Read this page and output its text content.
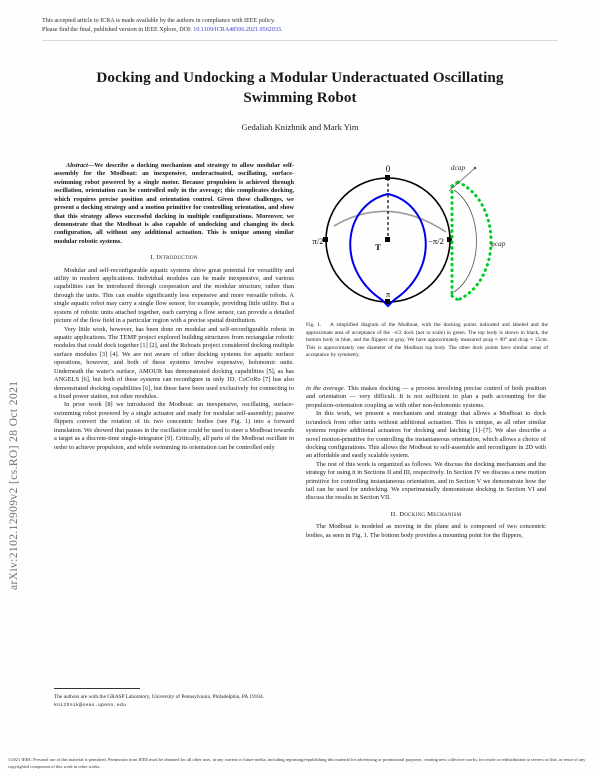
arXiv:2102.12909v2 [cs.RO] 28 Oct 2021
This accepted article to ICRA is made available by the authors in compliance with IEEE policy.
Please find the final, published version in IEEE Xplore, DOI: 10.1109/ICRA48506.2021.9562033.
Docking and Undocking a Modular Underactuated Oscillating Swimming Robot
Gedaliah Knizhnik and Mark Yim

Abstract—We describe a docking mechanism and strategy to allow modular self-assembly for the Modboat: an inexpensive, underactuated, oscillating, surface-swimming robot powered by a single motor. Because propulsion is achieved through oscillation, orientation can be controlled only in the average; this complicates docking, which requires precise position and orientation control. Given these challenges, we present a docking strategy and a motion primitive for controlling orientation, and show that this strategy allows successful docking in multiple configurations. Moreover, we demonstrate that the Modboat is also capable of undocking and changing its dock configuration, all without any additional actuation. This is unique among similar modular robotic systems.

I. Introduction

Modular and self-reconfigurable aquatic systems show great potential for versatility and utility in modern applications. Individual modules can be made inexpensive, and various capabilities can be introduced through cooperation and the modular structure, rather than through the units. This can enable significantly less expensive and more versatile robots. A single aquatic robot may carry a single flow sensor, for example, providing little utility. But a system of robotic units attached together, each carrying a flow sensor, can provide a detailed picture of the flow field in a particular region with a precise spatial distribution.

Very little work, however, has been done on modular and self-reconfigurable robots in aquatic applications. The TEMP project explored building structures from rectangular robotic modules that could dock together [1] [2], and the Roboats project considered docking multiple surface modules [3] [4]. We are not aware of other docking systems for aquatic surface operations, however, and both of these systems involve expensive, holonomic units. Underneath the water's surface, AMOUR has demonstrated docking capabilities [5], as has ANGELS [6], but both of these systems can reconfigure in only 1D. CoCoRo [7] has also demonstrated docking capabilities [6], but these have been used exclusively for connecting to a fixed power station, not other modules.

In prior work [8] we introduced the Modboat: an inexpensive, oscillating, surface-swimming robot powered by a single actuator and ready for modular self-assembly; passive flippers convert the rotation of its two concentric bodies (see Fig. 1) into a forward translation. We showed that pauses in the oscillation could be used to steer a Modboat towards a target as a discrete-time single-integrator [9]. Critically, all parts of the Modboat oscillate in order to achieve propulsion, and while swimming its orientation can be controlled only

The authors are with the GRASP Laboratory, University of Pennsylvania, Philadelphia, PA 19104. knizhnik@seas.upenn.edu
0
π/2	−π/2
π
T
dcap
φcap
Fig. 1. A simplified diagram of the Modboat, with the docking points indicated and labeled and the approximate area of acceptance of the −π/2 dock (not to scale) in green. The top body is shown in black, the bottom body in blue, and the flippers in gray. We have approximately measured φcap ≈ 90° and dcap ≈ 15cm. This is approximately one diameter of the Modboat top body. The other dock points have similar areas of acceptance by symmetry.

in the average. This makes docking — a process involving precise control of both position and orientation — very difficult. It is not sufficient to plan a path accounting for the propulsion-orientation coupling as with other non-holonomic systems.

In this work, we present a mechanism and strategy that allows a Modboat to dock to/undock from other units without additional actuation. This is unique, as all other similar systems require additional actuators for docking and latching [1]–[7]. We also describe a novel motion-primitive for controlling the instantaneous orientation, which allows a choice of docking configurations. This allows the Modboat to self-assemble and reconfigure in 2D with an affordable and easily scalable system.

The rest of this work is organized as follows. We discuss the docking mechanism and the strategy for using it in Sections II and III, respectively. In Section IV we discuss a new motion primitive for controlling instantaneous orientation, and in Section V we demonstrate how the tail can be used for undocking. We experimentally demonstrate docking in Section VI and discuss the results in Section VII.

II. Docking Mechanism

The Modboat is modeled as moving in the plane and is composed of two concentric bodies, as seen in Fig. 1. The bottom body provides a mounting point for the flippers,

©2021 IEEE. Personal use of this material is permitted. Permission from IEEE must be obtained for all other uses, in any current or future media, including reprinting/republishing this material for advertising or promotional purposes, creating new collective works, for resale or redistribution to servers or lists, or reuse of any copyrighted component of this work in other works.
